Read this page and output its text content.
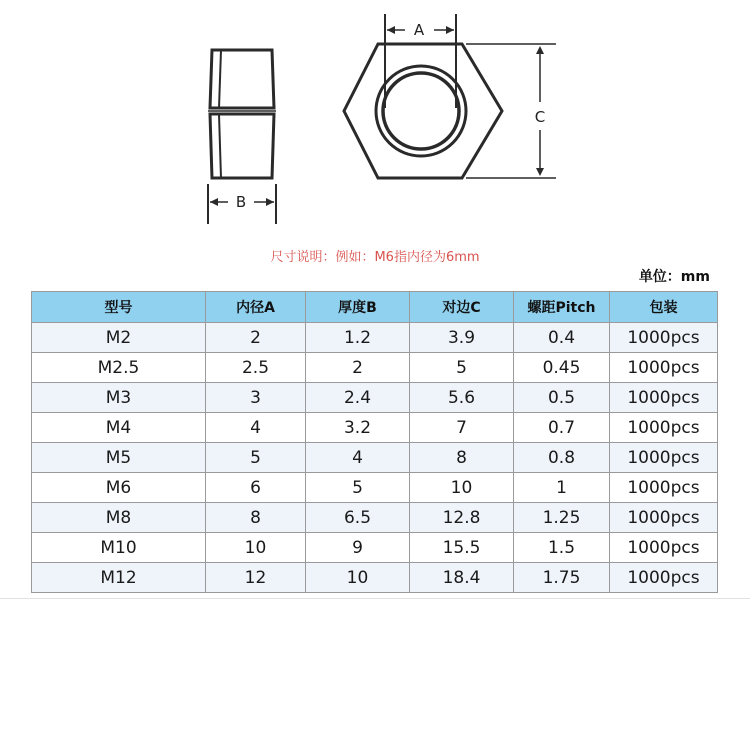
B
A
C
尺寸说明：例如：M6指内径为6mm
单位：mm
型号	内径A	厚度B	对边C	螺距Pitch	包装
M2	2	1.2	3.9	0.4	1000pcs
M2.5	2.5	2	5	0.45	1000pcs
M3	3	2.4	5.6	0.5	1000pcs
M4	4	3.2	7	0.7	1000pcs
M5	5	4	8	0.8	1000pcs
M6	6	5	10	1	1000pcs
M8	8	6.5	12.8	1.25	1000pcs
M10	10	9	15.5	1.5	1000pcs
M12	12	10	18.4	1.75	1000pcs
